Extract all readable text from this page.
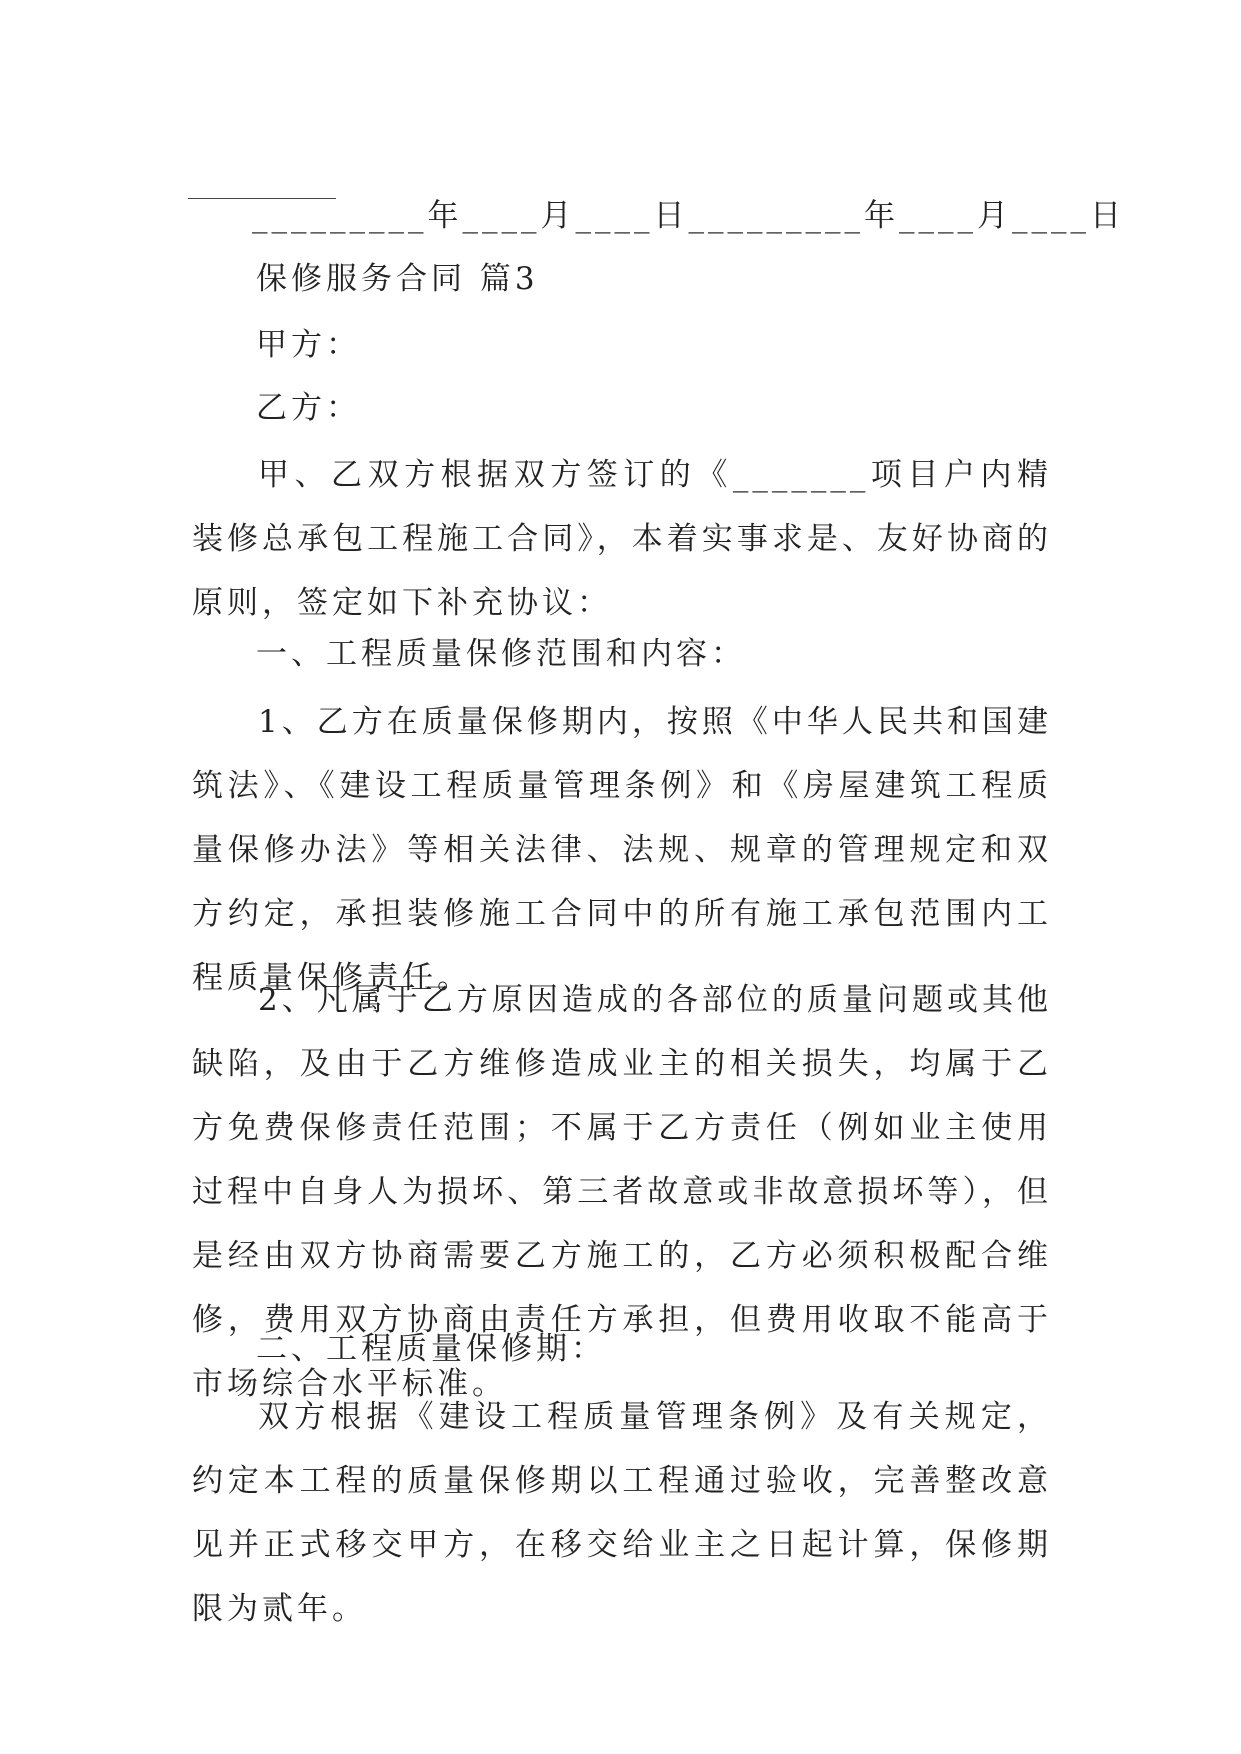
_________年____月____日_________年____月____日
保修服务合同 篇3
甲方：
乙方：
甲、乙双方根据双方签订的《_______项目户内精装修总承包工程施工合同》，本着实事求是、友好协商的原则，签定如下补充协议：
一、工程质量保修范围和内容：
1、乙方在质量保修期内，按照《中华人民共和国建筑法》、《建设工程质量管理条例》和《房屋建筑工程质量保修办法》等相关法律、法规、规章的管理规定和双方约定，承担装修施工合同中的所有施工承包范围内工程质量保修责任。
2、凡属于乙方原因造成的各部位的质量问题或其他缺陷，及由于乙方维修造成业主的相关损失，均属于乙方免费保修责任范围；不属于乙方责任（例如业主使用过程中自身人为损坏、第三者故意或非故意损坏等），但是经由双方协商需要乙方施工的，乙方必须积极配合维修，费用双方协商由责任方承担，但费用收取不能高于市场综合水平标准。
二、工程质量保修期：
双方根据《建设工程质量管理条例》及有关规定，约定本工程的质量保修期以工程通过验收，完善整改意见并正式移交甲方，在移交给业主之日起计算，保修期限为贰年。
